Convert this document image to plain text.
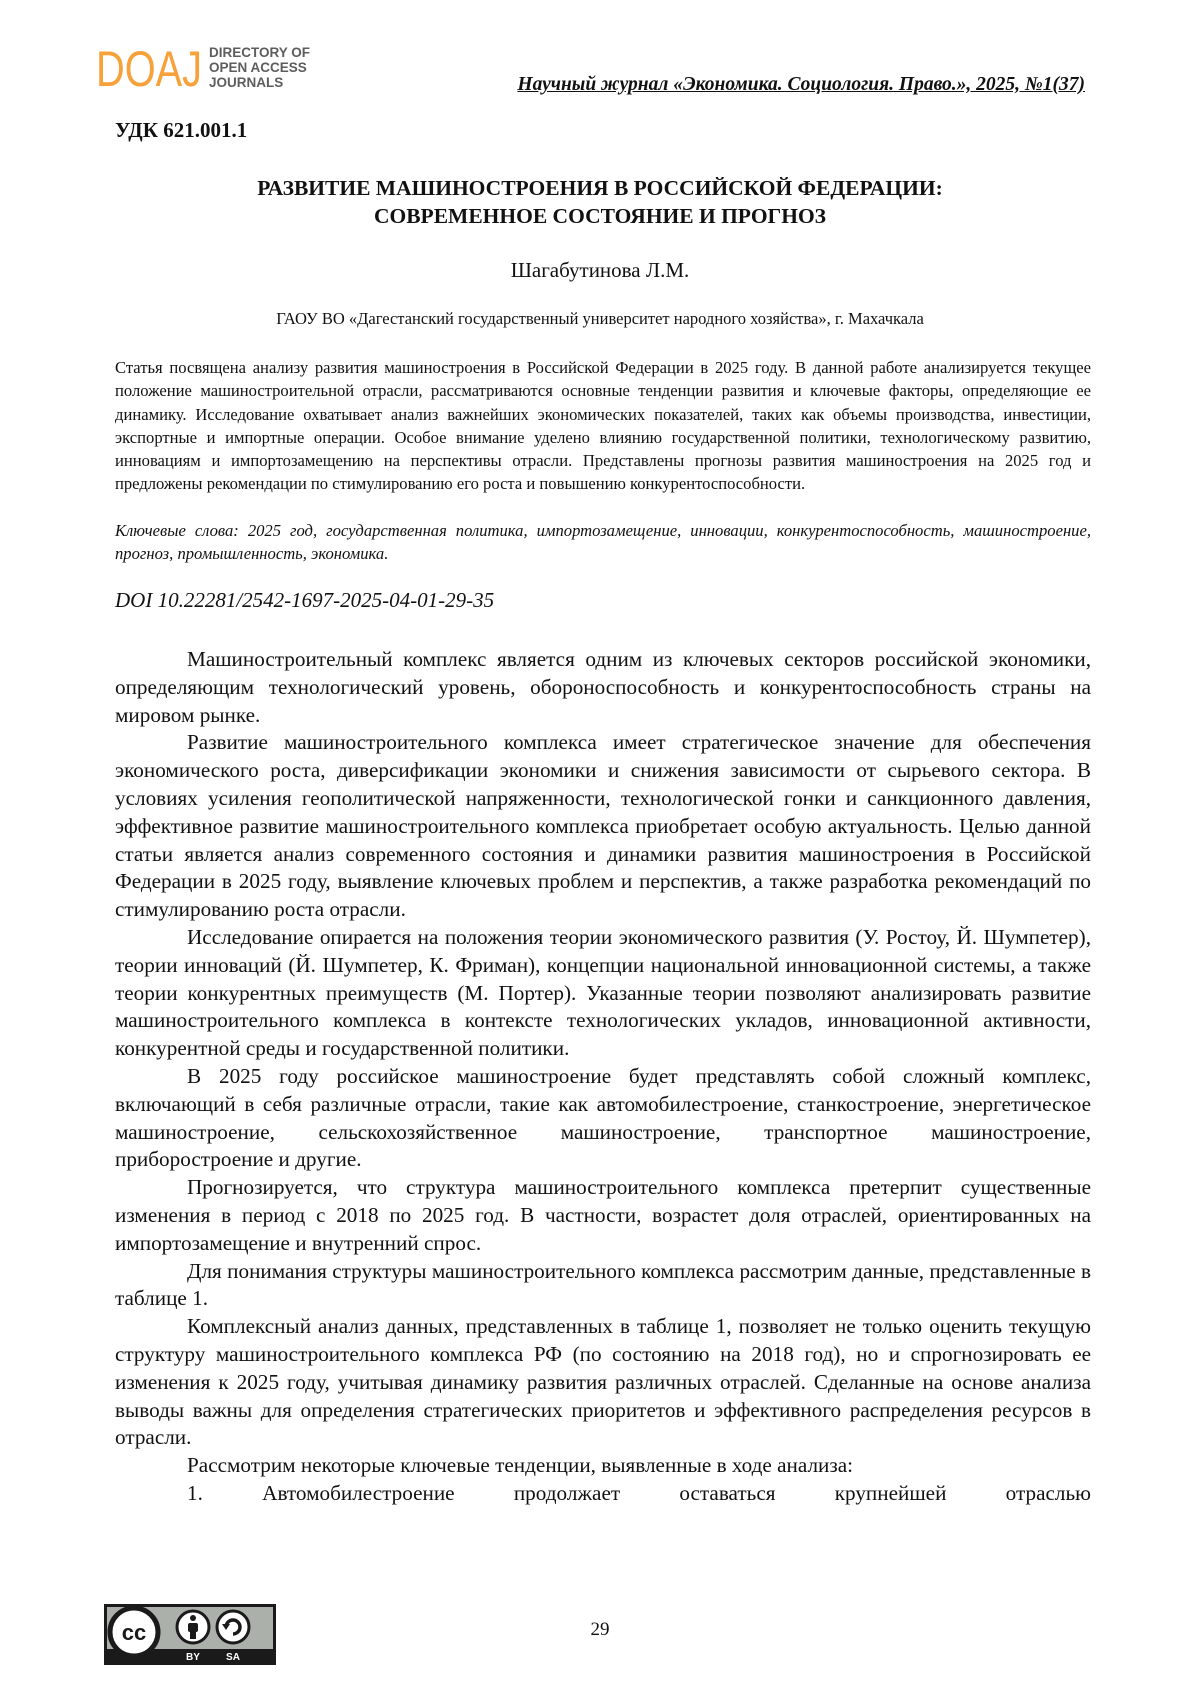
DOAJ
DIRECTORY OF
OPEN ACCESS
JOURNALS	Научный журнал «Экономика. Социология. Право.», 2025, №1(37)
УДК 621.001.1
РАЗВИТИЕ МАШИНОСТРОЕНИЯ В РОССИЙСКОЙ ФЕДЕРАЦИИ:
СОВРЕМЕННОЕ СОСТОЯНИЕ И ПРОГНОЗ
Шагабутинова Л.М.
ГАОУ ВО «Дагестанский государственный университет народного хозяйства», г. Махачкала

Статья посвящена анализу развития машиностроения в Российской Федерации в 2025 году. В данной работе анализируется текущее положение машиностроительной отрасли, рассматриваются основные тенденции развития и ключевые факторы, определяющие ее динамику. Исследование охватывает анализ важнейших экономических показателей, таких как объемы производства, инвестиции, экспортные и импортные операции. Особое внимание уделено влиянию государственной политики, технологическому развитию, инновациям и импортозамещению на перспективы отрасли. Представлены прогнозы развития машиностроения на 2025 год и предложены рекомендации по стимулированию его роста и повышению конкурентоспособности.

Ключевые слова: 2025 год, государственная политика, импортозамещение, инновации, конкурентоспособность, машиностроение, прогноз, промышленность, экономика.

DOI 10.22281/2542-1697-2025-04-01-29-35

Машиностроительный комплекс является одним из ключевых секторов российской экономики, определяющим технологический уровень, обороноспособность и конкурентоспособность страны на мировом рынке.

Развитие машиностроительного комплекса имеет стратегическое значение для обеспечения экономического роста, диверсификации экономики и снижения зависимости от сырьевого сектора. В условиях усиления геополитической напряженности, технологической гонки и санкционного давления, эффективное развитие машиностроительного комплекса приобретает особую актуальность. Целью данной статьи является анализ современного состояния и динамики развития машиностроения в Российской Федерации в 2025 году, выявление ключевых проблем и перспектив, а также разработка рекомендаций по стимулированию роста отрасли.

Исследование опирается на положения теории экономического развития (У. Ростоу, Й. Шумпетер), теории инноваций (Й. Шумпетер, К. Фриман), концепции национальной инновационной системы, а также теории конкурентных преимуществ (М. Портер). Указанные теории позволяют анализировать развитие машиностроительного комплекса в контексте технологических укладов, инновационной активности, конкурентной среды и государственной политики.

В 2025 году российское машиностроение будет представлять собой сложный комплекс, включающий в себя различные отрасли, такие как автомобилестроение, станкостроение, энергетическое машиностроение, сельскохозяйственное машиностроение, транспортное машиностроение, приборостроение и другие.

Прогнозируется, что структура машиностроительного комплекса претерпит существенные изменения в период с 2018 по 2025 год. В частности, возрастет доля отраслей, ориентированных на импортозамещение и внутренний спрос.

Для понимания структуры машиностроительного комплекса рассмотрим данные, представленные в таблице 1.

Комплексный анализ данных, представленных в таблице 1, позволяет не только оценить текущую структуру машиностроительного комплекса РФ (по состоянию на 2018 год), но и спрогнозировать ее изменения к 2025 году, учитывая динамику развития различных отраслей. Сделанные на основе анализа выводы важны для определения стратегических приоритетов и эффективного распределения ресурсов в отрасли.

Рассмотрим некоторые ключевые тенденции, выявленные в ходе анализа:

1.	Автомобилестроение	продолжает	оставаться	крупнейшей	отраслью
cc
BY	SA
29
